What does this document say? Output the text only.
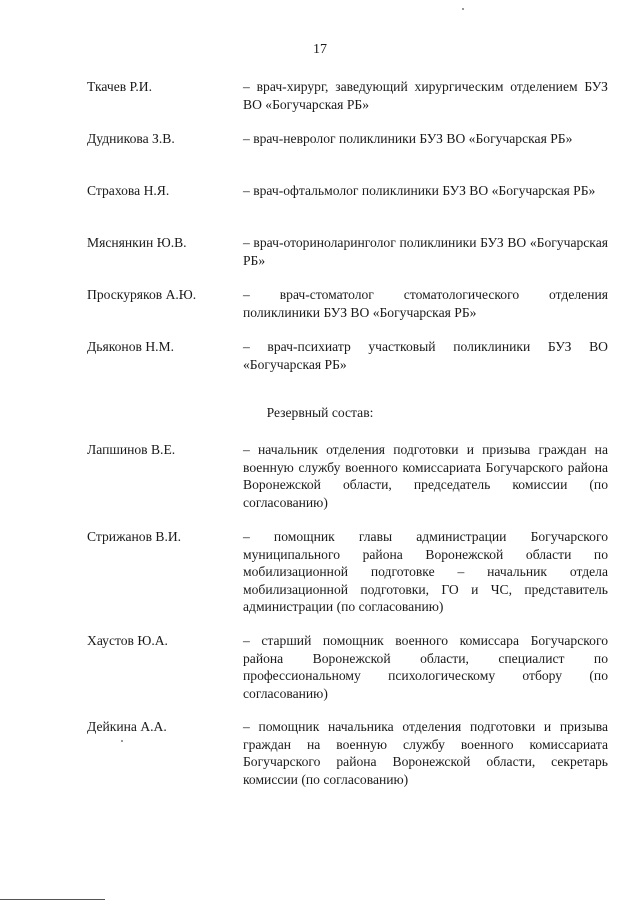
17
Ткачев Р.И.	– врач-хирург, заведующий хирургическим отделением БУЗ ВО «Богучарская РБ»
Дудникова З.В.	– врач-невролог поликлиники БУЗ ВО «Богучарская РБ»
Страхова Н.Я.	– врач-офтальмолог поликлиники БУЗ ВО «Богучарская РБ»
Мяснянкин Ю.В.	– врач-оториноларинголог поликлиники БУЗ ВО «Богучарская РБ»
Проскуряков А.Ю.	– врач-стоматолог стоматологического отделения поликлиники БУЗ ВО «Богучарская РБ»
Дьяконов Н.М.	– врач-психиатр участковый поликлиники БУЗ ВО «Богучарская РБ»
Резервный состав:
Лапшинов В.Е.	– начальник отделения подготовки и призыва граждан на военную службу военного комиссариата Богучарского района Воронежской области, председатель комиссии (по согласованию)
Стрижанов В.И.	– помощник главы администрации Богучарского муниципального района Воронежской области по мобилизационной подготовке – начальник отдела мобилизационной подготовки, ГО и ЧС, представитель администрации (по согласованию)
Хаустов Ю.А.	– старший помощник военного комиссара Богучарского района Воронежской области, специалист по профессиональному психологическому отбору (по согласованию)
Дейкина А.А.	– помощник начальника отделения подготовки и призыва граждан на военную службу военного комиссариата Богучарского района Воронежской области, секретарь комиссии (по согласованию)
